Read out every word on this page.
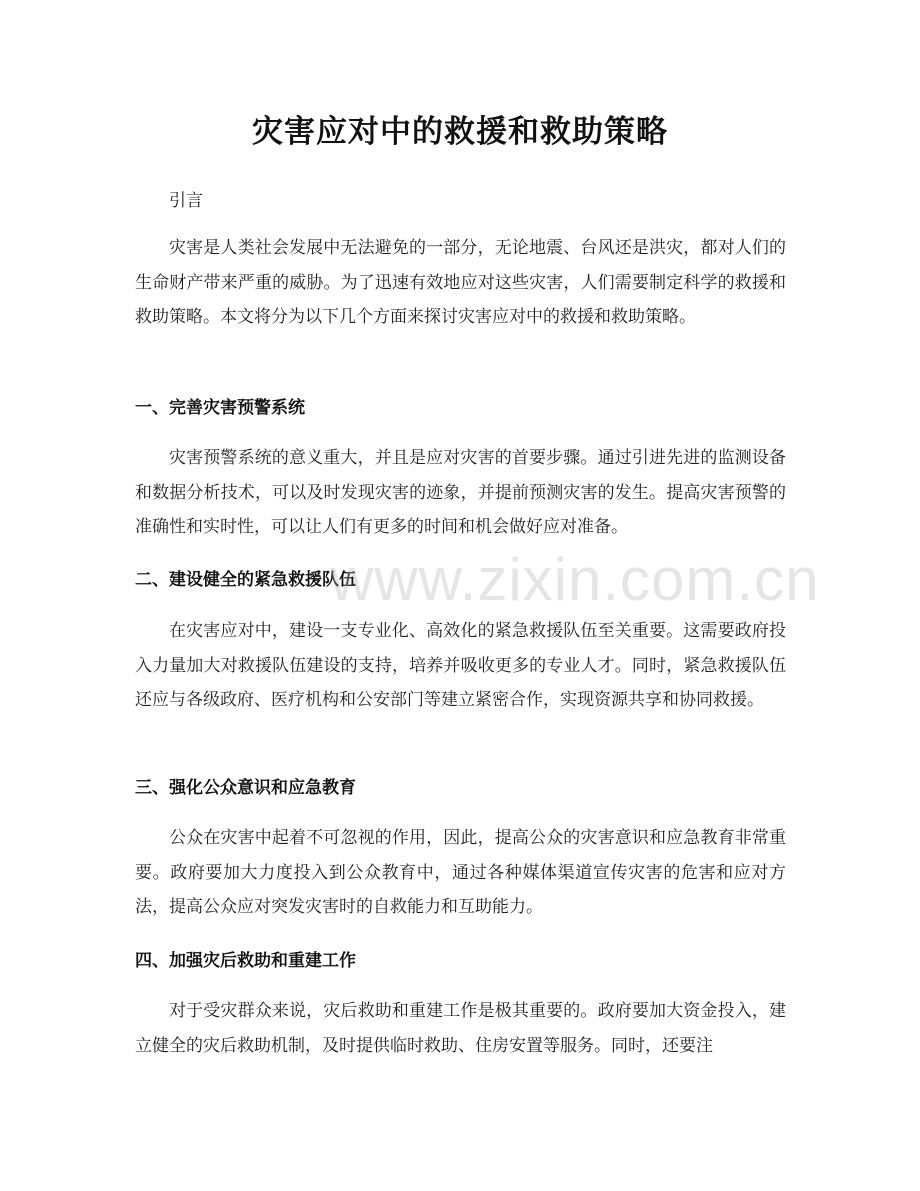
灾害应对中的救援和救助策略

引言

灾害是人类社会发展中无法避免的一部分，无论地震、台风还是洪灾，都对人们的生命财产带来严重的威胁。为了迅速有效地应对这些灾害，人们需要制定科学的救援和救助策略。本文将分为以下几个方面来探讨灾害应对中的救援和救助策略。

一、完善灾害预警系统

灾害预警系统的意义重大，并且是应对灾害的首要步骤。通过引进先进的监测设备和数据分析技术，可以及时发现灾害的迹象，并提前预测灾害的发生。提高灾害预警的准确性和实时性，可以让人们有更多的时间和机会做好应对准备。

二、建设健全的紧急救援队伍

在灾害应对中，建设一支专业化、高效化的紧急救援队伍至关重要。这需要政府投入力量加大对救援队伍建设的支持，培养并吸收更多的专业人才。同时，紧急救援队伍还应与各级政府、医疗机构和公安部门等建立紧密合作，实现资源共享和协同救援。

三、强化公众意识和应急教育

公众在灾害中起着不可忽视的作用，因此，提高公众的灾害意识和应急教育非常重要。政府要加大力度投入到公众教育中，通过各种媒体渠道宣传灾害的危害和应对方法，提高公众应对突发灾害时的自救能力和互助能力。

四、加强灾后救助和重建工作

对于受灾群众来说，灾后救助和重建工作是极其重要的。政府要加大资金投入，建立健全的灾后救助机制，及时提供临时救助、住房安置等服务。同时，还要注

www.zixin.com.cn
